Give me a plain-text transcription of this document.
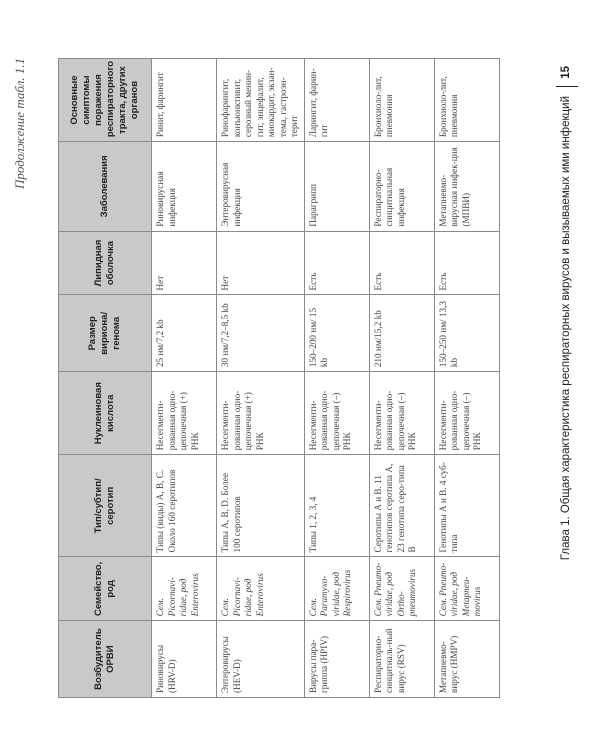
Продолжение табл. 1.1
Возбудитель ОРВИ	Семейство, род	Тип/субтип/ серотип	Нуклеиновая кислота	Размер вириона/ генома	Липидная оболочка	Заболевания	Основные симптомы поражения респираторного тракта, других органов
Риновирусы (HRV-D)	Сем. Picornavi-ridae, род Enterovirus	Типы (виды) А, В, С. Около 160 серотипов	Несегменти-рованная одно-цепочечная (+) РНК	25 нм/7,2 kb	Нет	Риновирусная инфекция	Ринит, фарингит
Энтеровирусы (HEV-D)	Сем. Picornavi-ridae, род Enterovirus	Типы А, В, D. Более 100 серотипов	Несегменти-рованная одно-цепочечная (+) РНК	30 нм/7,2–8,5 kb	Нет	Энтеровирусная инфекция	Ринофарингит, конъюнктивит, серозный менин-гит, энцефалит, миокардит, экзан-тема, гастроэн-терит
Вирусы пара-гриппа (HPIV)	Сем. Paramyxo-viridae, род Respirovirus	Типы 1, 2, 3, 4	Несегменти-рованная одно-цепочечная (–) РНК	150–200 нм/ 15 kb	Есть	Парагрипп	Ларингит, фарин-гит
Респираторно-синцитиаль-ный вирус (RSV)	Сем. Pneumo-viridae, род Ortho-pneumovirus	Серотипы А и В. 11 генотипов серотипа А, 23 генотипа серо-типа В	Несегменти-рованная одно-цепочечная (–) РНК	210 нм/15,2 kb	Есть	Респираторно-синцитиальная инфекция	Бронхиоло-лит, пневмония
Метапневмо-вирус (HMPV)	Сем. Pneumo-viridae, род Metapneu-movirus	Генотипы А и В. 4 суб-типа	Несегменти-рованная одно-цепочечная (–) РНК	150–250 нм/ 13,3 kb	Есть	Метапневмо-вирусная инфек-ция (МПВИ)	Бронхиоло-лит, пневмония	Глава 1. Общая характеристика респираторных вирусов и вызываемых ими инфекций
15
